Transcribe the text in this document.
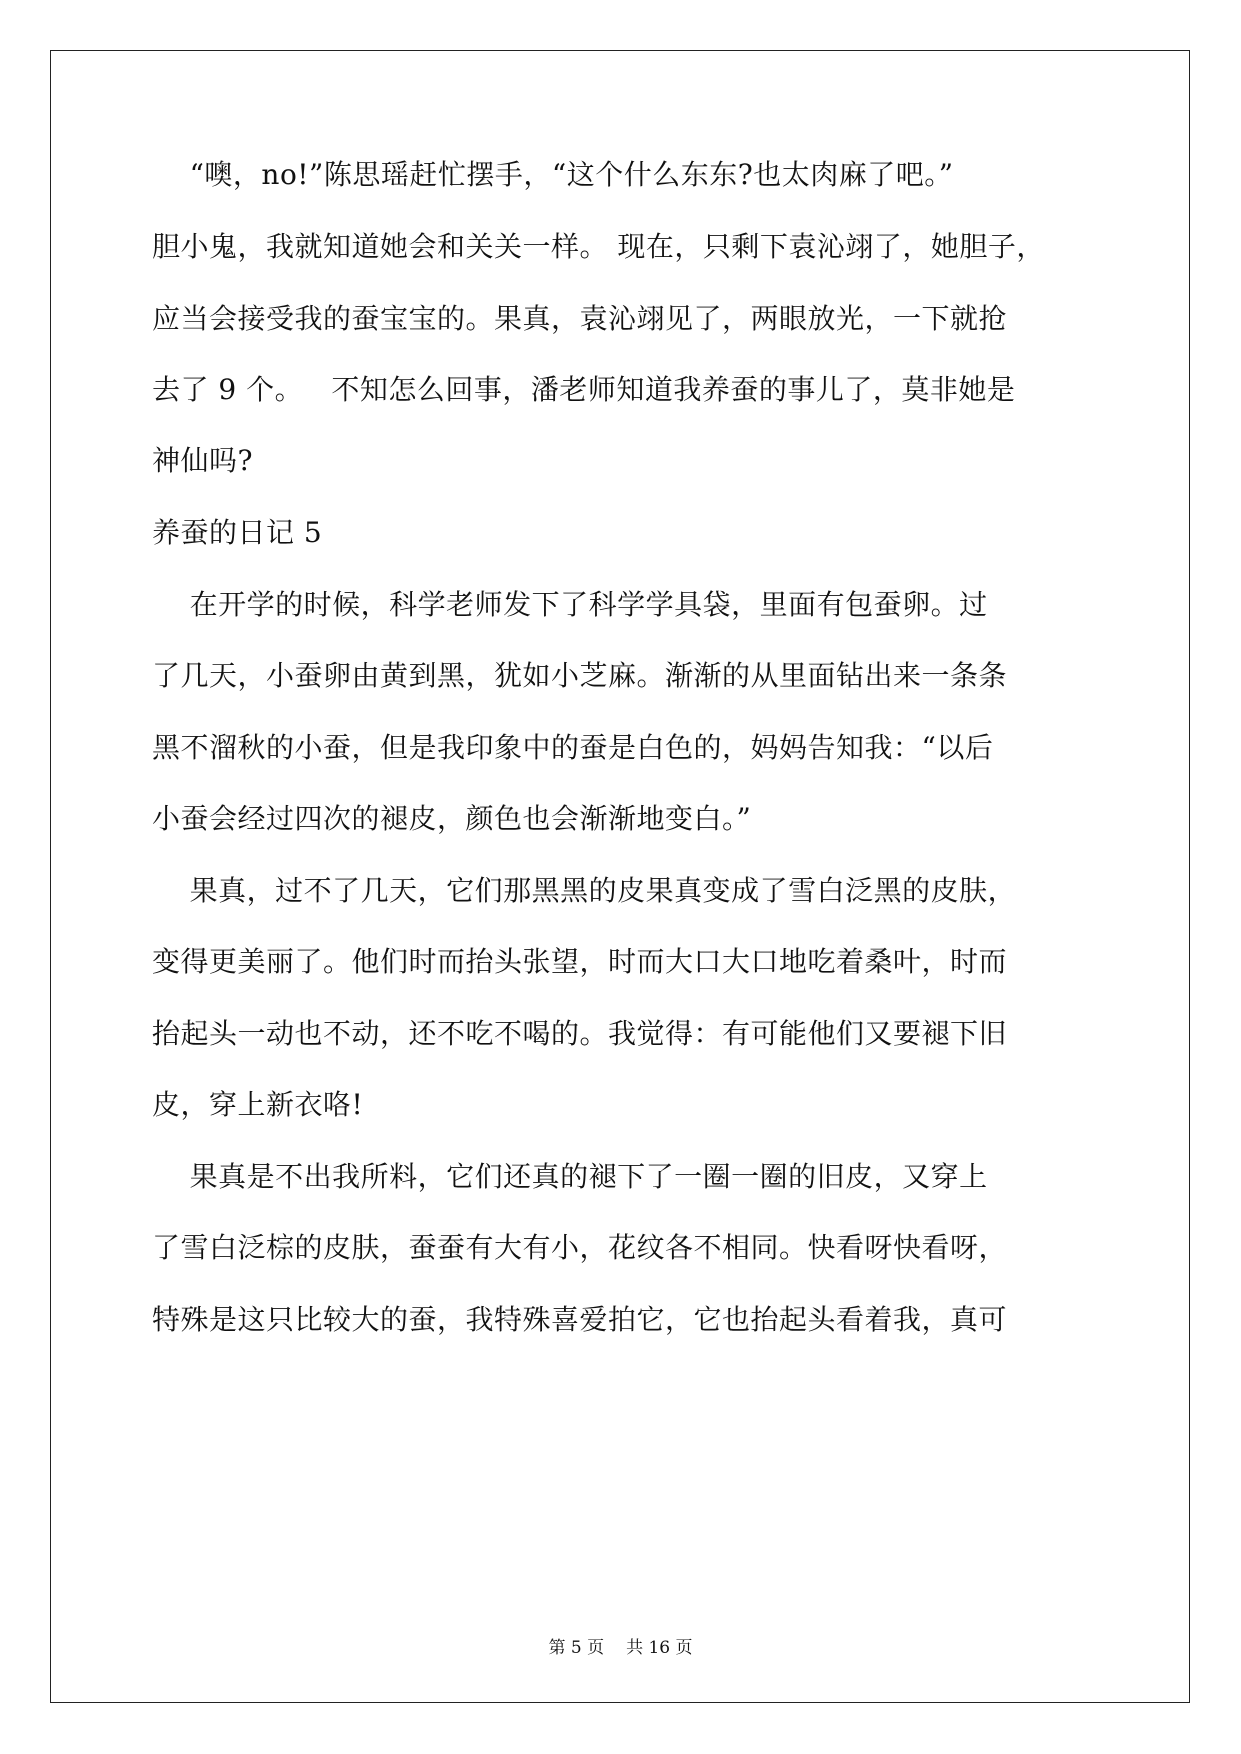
“噢，no!”陈思瑶赶忙摆手，“这个什么东东?也太肉麻了吧。”
胆小鬼，我就知道她会和关关一样。 现在，只剩下袁沁翊了，她胆子，
应当会接受我的蚕宝宝的。果真，袁沁翊见了，两眼放光，一下就抢
去了 9 个。   不知怎么回事，潘老师知道我养蚕的事儿了，莫非她是
神仙吗?
养蚕的日记 5
在开学的时候，科学老师发下了科学学具袋，里面有包蚕卵。过
了几天，小蚕卵由黄到黑，犹如小芝麻。渐渐的从里面钻出来一条条
黑不溜秋的小蚕，但是我印象中的蚕是白色的，妈妈告知我：“以后
小蚕会经过四次的褪皮，颜色也会渐渐地变白。”
果真，过不了几天，它们那黑黑的皮果真变成了雪白泛黑的皮肤，
变得更美丽了。他们时而抬头张望，时而大口大口地吃着桑叶，时而
抬起头一动也不动，还不吃不喝的。我觉得：有可能他们又要褪下旧
皮，穿上新衣咯!
果真是不出我所料，它们还真的褪下了一圈一圈的旧皮，又穿上
了雪白泛棕的皮肤，蚕蚕有大有小，花纹各不相同。快看呀快看呀，
特殊是这只比较大的蚕，我特殊喜爱拍它，它也抬起头看着我，真可
第 5 页 共 16 页
